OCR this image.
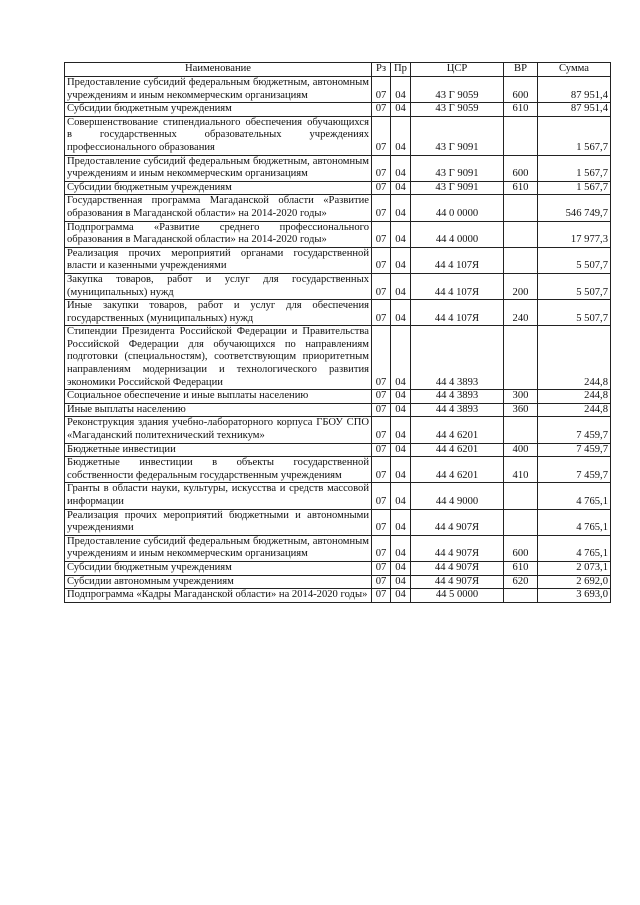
Наименование	Рз	Пр	ЦСР	ВР	Сумма

Предоставление субсидий федеральным бюджетным, автономным учреждениям и иным некоммерческим организациям	07	04	43 Г 9059	600	87 951,4

Субсидии бюджетным учреждениям	07	04	43 Г 9059	610	87 951,4

Совершенствование стипендиального обеспечения обучающихся в государственных образовательных учреждениях профессионального образования	07	04	43 Г 9091		1 567,7

Предоставление субсидий федеральным бюджетным, автономным учреждениям и иным некоммерческим организациям	07	04	43 Г 9091	600	1 567,7

Субсидии бюджетным учреждениям	07	04	43 Г 9091	610	1 567,7

Государственная программа Магаданской области «Развитие образования в Магаданской области» на 2014-2020 годы»	07	04	44 0 0000		546 749,7

Подпрограмма «Развитие среднего профессионального образования в Магаданской области» на 2014-2020 годы»	07	04	44 4 0000		17 977,3

Реализация прочих мероприятий органами государственной власти и казенными учреждениями	07	04	44 4 107Я		5 507,7

Закупка товаров, работ и услуг для государственных (муниципальных) нужд	07	04	44 4 107Я	200	5 507,7

Иные закупки товаров, работ и услуг для обеспечения государственных (муниципальных) нужд	07	04	44 4 107Я	240	5 507,7

Стипендии Президента Российской Федерации и Правительства Российской Федерации для обучающихся по направлениям подготовки (специальностям), соответствующим приоритетным направлениям модернизации и технологического развития экономики Российской Федерации	07	04	44 4 3893		244,8

Социальное обеспечение и иные выплаты населению	07	04	44 4 3893	300	244,8

Иные выплаты населению	07	04	44 4 3893	360	244,8

Реконструкция здания учебно-лабораторного корпуса ГБОУ СПО «Магаданский политехнический техникум»	07	04	44 4 6201		7 459,7

Бюджетные инвестиции	07	04	44 4 6201	400	7 459,7

Бюджетные инвестиции в объекты государственной собственности федеральным государственным учреждениям	07	04	44 4 6201	410	7 459,7

Гранты в области науки, культуры, искусства и средств массовой информации	07	04	44 4 9000		4 765,1

Реализация прочих мероприятий бюджетными и автономными учреждениями	07	04	44 4 907Я		4 765,1

Предоставление субсидий федеральным бюджетным, автономным учреждениям и иным некоммерческим организациям	07	04	44 4 907Я	600	4 765,1

Субсидии бюджетным учреждениям	07	04	44 4 907Я	610	2 073,1

Субсидии автономным учреждениям	07	04	44 4 907Я	620	2 692,0

Подпрограмма «Кадры Магаданской области» на 2014-2020 годы»	07	04	44 5 0000		3 693,0
